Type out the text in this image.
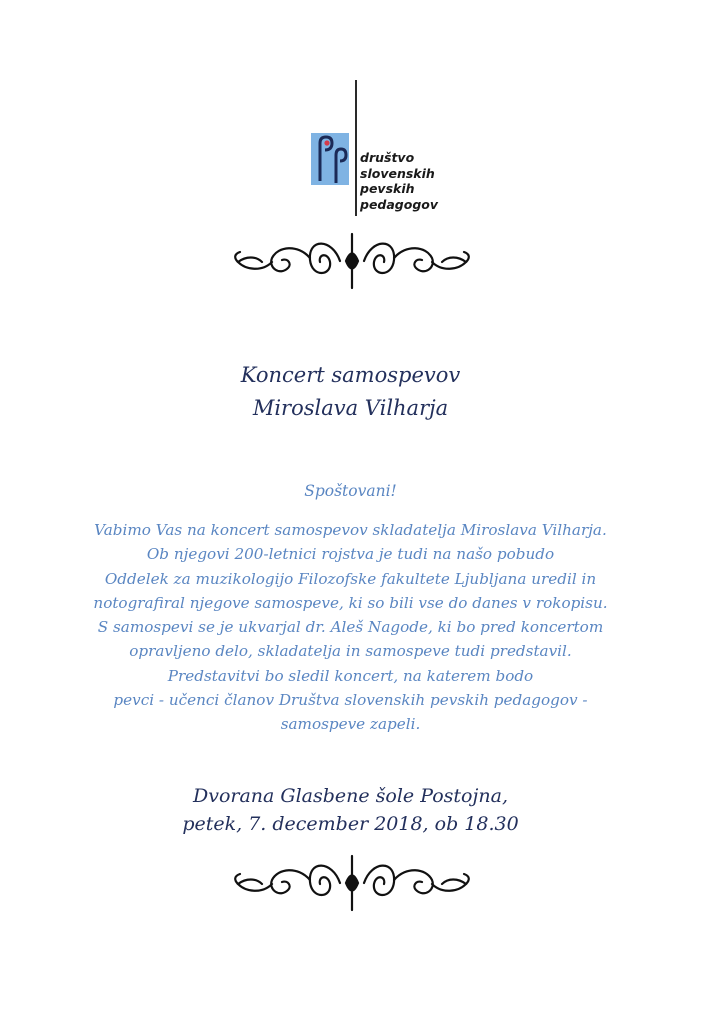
društvo
slovenskih
pevskih
pedagogov
Koncert samospevov
Miroslava Vilharja
Spoštovani!
Vabimo Vas na koncert samospevov skladatelja Miroslava Vilharja.
Ob njegovi 200-letnici rojstva je tudi na našo pobudo
Oddelek za muzikologijo Filozofske fakultete Ljubljana uredil in
notografiral njegove samospeve, ki so bili vse do danes v rokopisu.
S samospevi se je ukvarjal dr. Aleš Nagode, ki bo pred koncertom
opravljeno delo, skladatelja in samospeve tudi predstavil.
Predstavitvi bo sledil koncert, na katerem bodo
pevci - učenci članov Društva slovenskih pevskih pedagogov -
samospeve zapeli.
Dvorana Glasbene šole Postojna,
petek, 7. december 2018, ob 18.30
